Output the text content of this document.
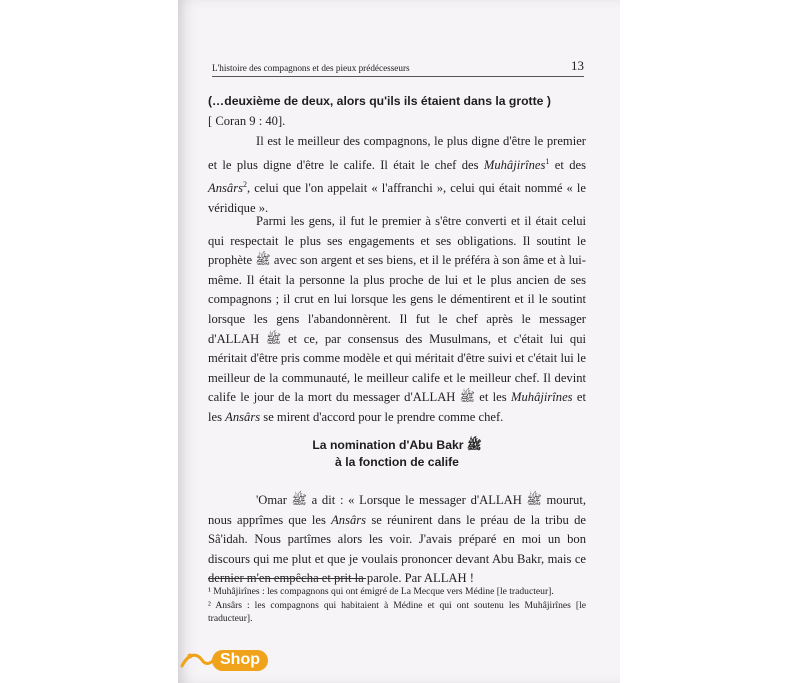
L'histoire des compagnons et des pieux prédécesseurs	13

(…deuxième de deux, alors qu'ils ils étaient dans la grotte )
[ Coran 9 : 40].

Il est le meilleur des compagnons, le plus digne d'être le premier et le plus digne d'être le calife. Il était le chef des Muhâjirînes$^1$ et des Ansârs$^2$, celui que l'on appelait « l'affranchi », celui qui était nommé « le véridique ».

Parmi les gens, il fut le premier à s'être converti et il était celui qui respectait le plus ses engagements et ses obligations. Il soutint le prophète ﷺ avec son argent et ses biens, et il le préféra à son âme et à lui-même. Il était la personne la plus proche de lui et le plus ancien de ses compagnons ; il crut en lui lorsque les gens le démentirent et il le soutint lorsque les gens l'abandonnèrent. Il fut le chef après le messager d'ALLAH ﷺ et ce, par consensus des Musulmans, et c'était lui qui méritait d'être pris comme modèle et qui méritait d'être suivi et c'était lui le meilleur de la communauté, le meilleur calife et le meilleur chef. Il devint calife le jour de la mort du messager d'ALLAH ﷺ et les Muhâjirînes et les Ansârs se mirent d'accord pour le prendre comme chef.

La nomination d'Abu Bakr ﷺ
à la fonction de calife

'Omar ﷺ a dit : « Lorsque le messager d'ALLAH ﷺ mourut, nous apprîmes que les Ansârs se réunirent dans le préau de la tribu de Sâ'idah. Nous partîmes alors les voir. J'avais préparé en moi un bon discours qui me plut et que je voulais prononcer devant Abu Bakr, mais ce dernier m'en empêcha et prit la parole. Par ALLAH !

¹ Muhâjirînes : les compagnons qui ont émigré de La Mecque vers Médine [le traducteur].
² Ansârs : les compagnons qui habitaient à Médine et qui ont soutenu les Muhâjirînes [le traducteur].
Shop
